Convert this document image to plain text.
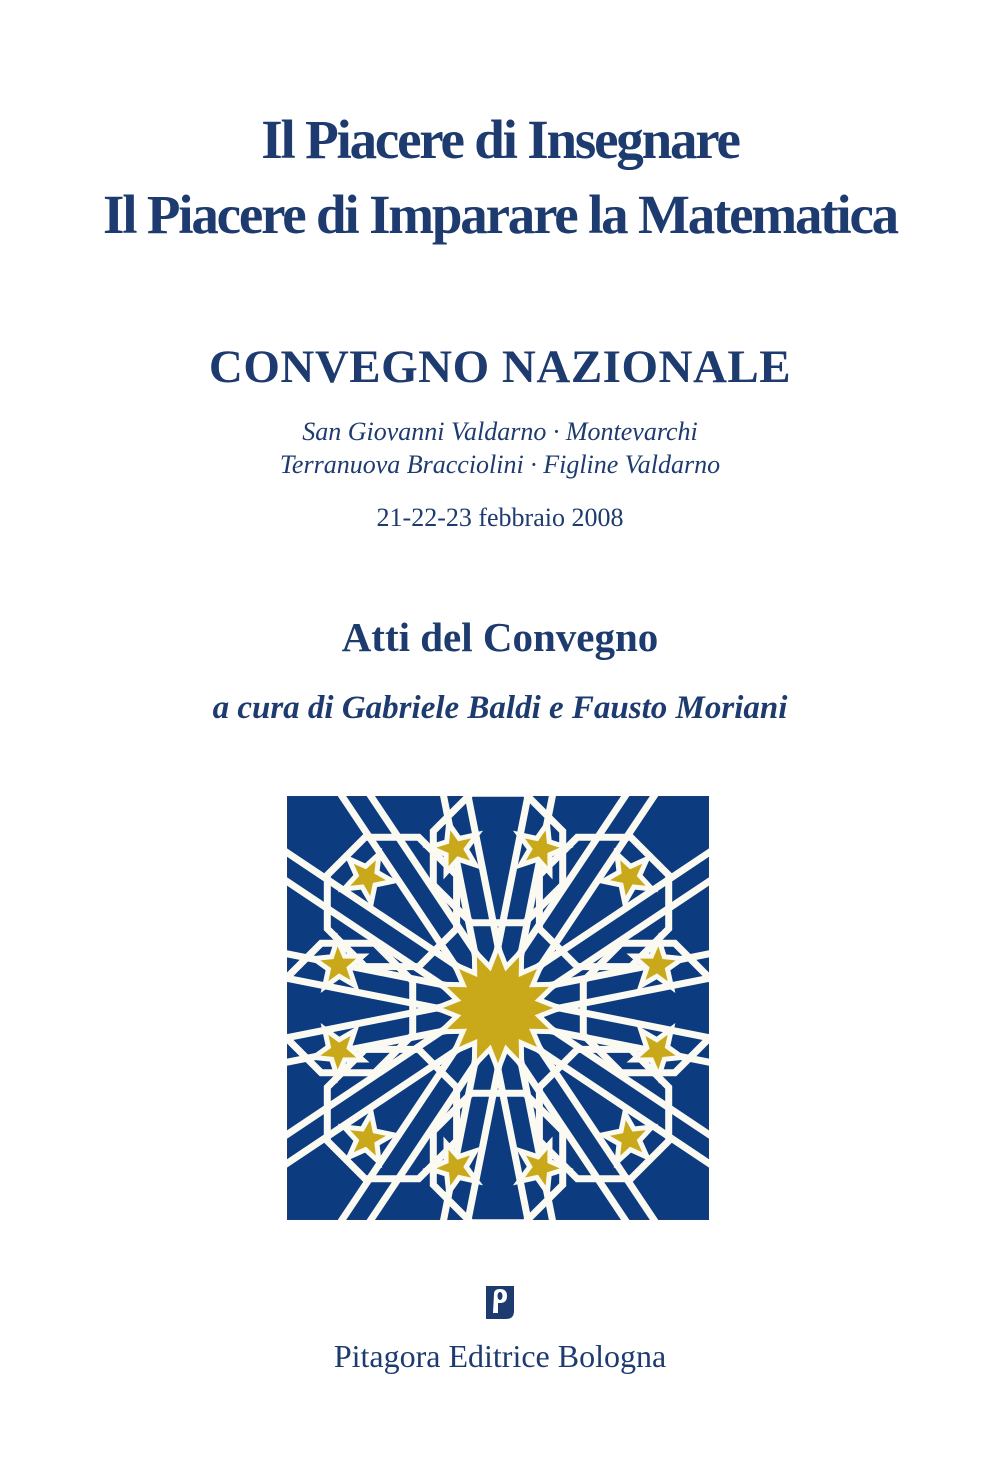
Il Piacere di Insegnare
Il Piacere di Imparare la Matematica
CONVEGNO NAZIONALE
San Giovanni Valdarno · Montevarchi
Terranuova Bracciolini · Figline Valdarno
21-22-23 febbraio 2008
Atti del Convegno
a cura di Gabriele Baldi e Fausto Moriani
Pitagora Editrice Bologna
